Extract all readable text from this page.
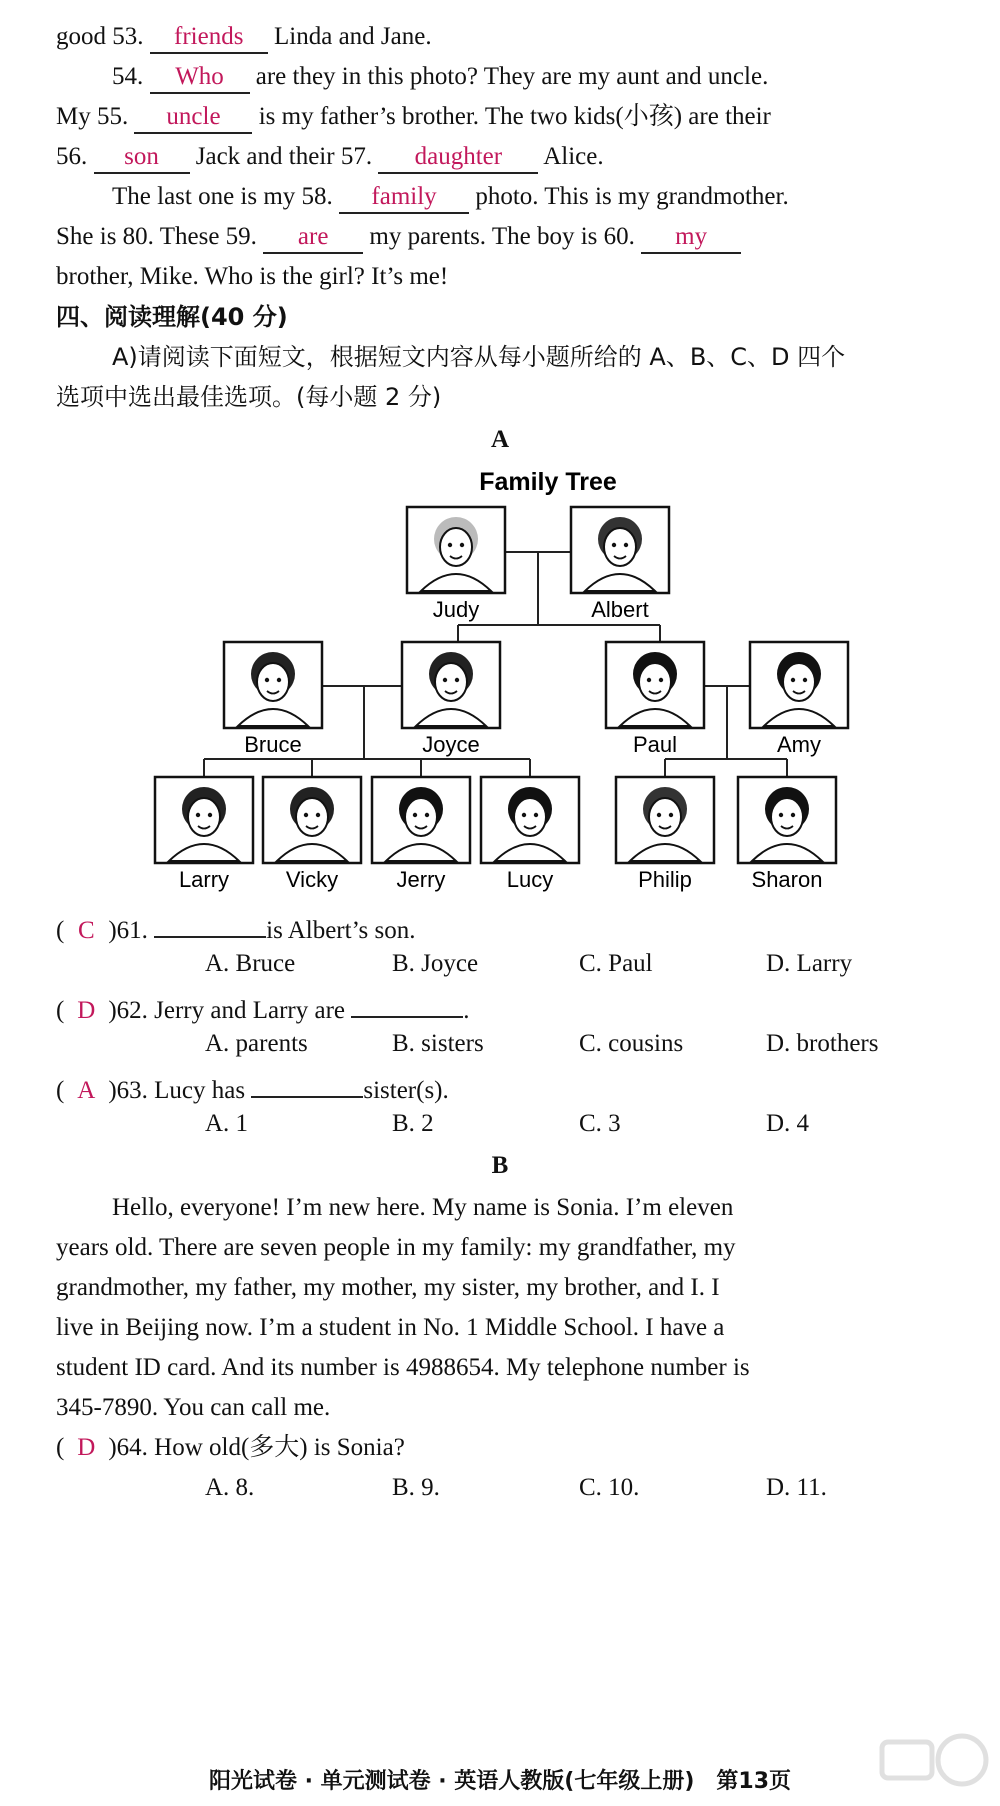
good 53. friends Linda and Jane.
54. Who are they in this photo? They are my aunt and uncle.
My 55. uncle is my father’s brother. The two kids(小孩) are their
56. son Jack and their 57. daughter Alice.
The last one is my 58. family photo. This is my grandmother.
She is 80. These 59. are my parents. The boy is 60. my
brother, Mike. Who is the girl? It’s me!
四、阅读理解(40 分)
A)请阅读下面短文，根据短文内容从每小题所给的 A、B、C、D 四个
选项中选出最佳选项。(每小题 2 分)
A
Family Tree
Judy	Albert
Bruce	Joyce	Paul	Amy
Larry	Vicky	Jerry	Lucy	Philip	Sharon
( C )61.	is Albert’s son.
A. Bruce	B. Joyce	C. Paul	D. Larry
( D )62. Jerry and Larry are	.
A. parents	B. sisters	C. cousins	D. brothers
( A )63. Lucy has	sister(s).
A. 1	B. 2	C. 3	D. 4
B
Hello, everyone! I’m new here. My name is Sonia. I’m eleven
years old. There are seven people in my family: my grandfather, my
grandmother, my father, my mother, my sister, my brother, and I. I
live in Beijing now. I’m a student in No. 1 Middle School. I have a
student ID card. And its number is 4988654. My telephone number is
345-7890. You can call me.
( D )64. How old(多大) is Sonia?
A. 8.	B. 9.	C. 10.	D. 11.
阳光试卷 · 单元测试卷 · 英语人教版(七年级上册)　第13页
